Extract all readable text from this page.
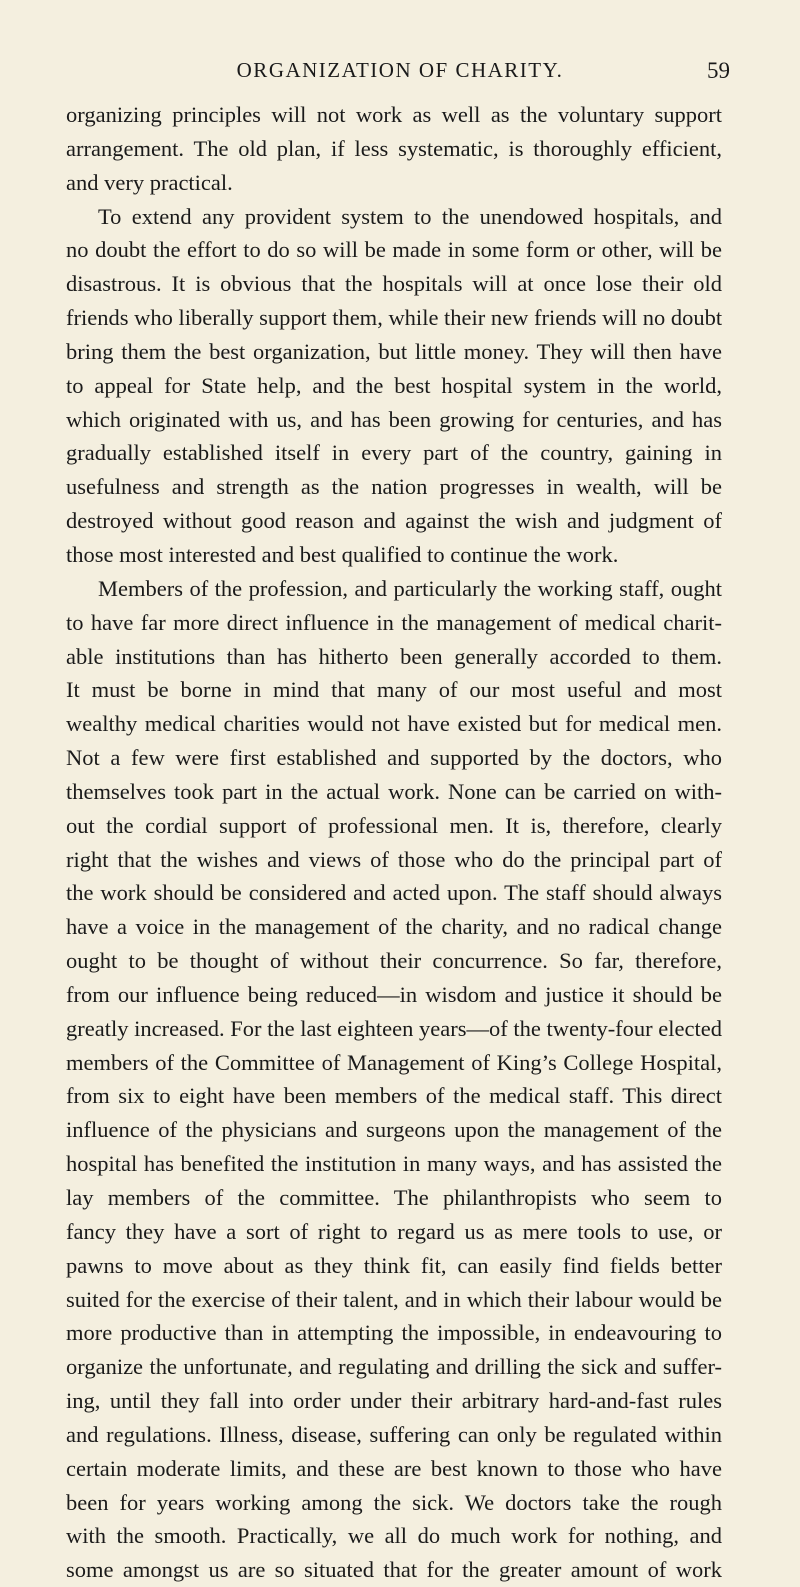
ORGANIZATION OF CHARITY.	59
organizing principles will not work as well as the voluntary support
arrangement. The old plan, if less systematic, is thoroughly efficient,
and very practical.
To extend any provident system to the unendowed hospitals, and
no doubt the effort to do so will be made in some form or other, will be
disastrous. It is obvious that the hospitals will at once lose their old
friends who liberally support them, while their new friends will no doubt
bring them the best organization, but little money. They will then have
to appeal for State help, and the best hospital system in the world,
which originated with us, and has been growing for centuries, and has
gradually established itself in every part of the country, gaining in
usefulness and strength as the nation progresses in wealth, will be
destroyed without good reason and against the wish and judgment of
those most interested and best qualified to continue the work.
Members of the profession, and particularly the working staff, ought
to have far more direct influence in the management of medical charit-
able institutions than has hitherto been generally accorded to them.
It must be borne in mind that many of our most useful and most
wealthy medical charities would not have existed but for medical men.
Not a few were first established and supported by the doctors, who
themselves took part in the actual work. None can be carried on with-
out the cordial support of professional men. It is, therefore, clearly
right that the wishes and views of those who do the principal part of
the work should be considered and acted upon. The staff should always
have a voice in the management of the charity, and no radical change
ought to be thought of without their concurrence. So far, therefore,
from our influence being reduced—in wisdom and justice it should be
greatly increased. For the last eighteen years—of the twenty-four elected
members of the Committee of Management of King’s College Hospital,
from six to eight have been members of the medical staff. This direct
influence of the physicians and surgeons upon the management of the
hospital has benefited the institution in many ways, and has assisted the
lay members of the committee. The philanthropists who seem to
fancy they have a sort of right to regard us as mere tools to use, or
pawns to move about as they think fit, can easily find fields better
suited for the exercise of their talent, and in which their labour would be
more productive than in attempting the impossible, in endeavouring to
organize the unfortunate, and regulating and drilling the sick and suffer-
ing, until they fall into order under their arbitrary hard-and-fast rules
and regulations. Illness, disease, suffering can only be regulated within
certain moderate limits, and these are best known to those who have
been for years working among the sick. We doctors take the rough
with the smooth. Practically, we all do much work for nothing, and
some amongst us are so situated that for the greater amount of work
